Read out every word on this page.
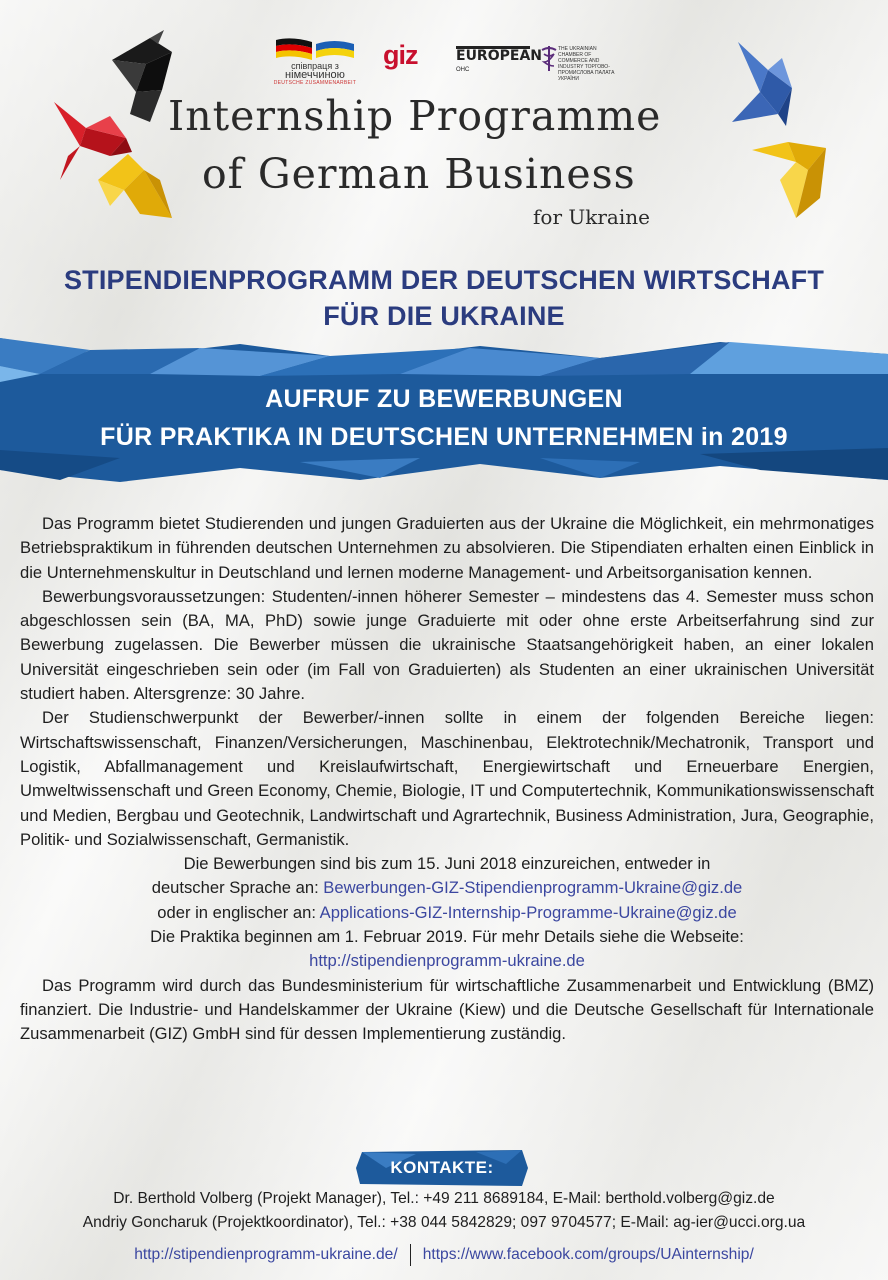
співпраця з
німеччиною
DEUTSCHE ZUSAMMENARBEIT
giz	EUROPEAN
ОНС
THE UKRAINIAN CHAMBER OF COMMERCE AND INDUSTRY ТОРГОВО-ПРОМИСЛОВА ПАЛАТА УКРАЇНИ
Internship Programme
of German Business
for Ukraine
STIPENDIENPROGRAMM DER DEUTSCHEN WIRTSCHAFT
FÜR DIE UKRAINE
AUFRUF ZU BEWERBUNGEN
FÜR PRAKTIKA IN DEUTSCHEN UNTERNEHMEN in 2019

Das Programm bietet Studierenden und jungen Graduierten aus der Ukraine die Möglichkeit, ein mehrmonatiges Betriebspraktikum in führenden deutschen Unternehmen zu absolvieren. Die Stipendiaten erhalten einen Einblick in die Unternehmenskultur in Deutschland und lernen moderne Management- und Arbeitsorganisation kennen.

Bewerbungsvoraussetzungen: Studenten/-innen höherer Semester – mindestens das 4. Semester muss schon abgeschlossen sein (BA, MA, PhD) sowie junge Graduierte mit oder ohne erste Arbeitserfahrung sind zur Bewerbung zugelassen. Die Bewerber müssen die ukrainische Staatsangehörigkeit haben, an einer lokalen Universität eingeschrieben sein oder (im Fall von Graduierten) als Studenten an einer ukrainischen Universität studiert haben. Altersgrenze: 30 Jahre.

Der Studienschwerpunkt der Bewerber/-innen sollte in einem der folgenden Bereiche liegen: Wirtschaftswissenschaft, Finanzen/Versicherungen, Maschinenbau, Elektrotechnik/Mechatronik, Transport und Logistik, Abfallmanagement und Kreislaufwirtschaft, Energiewirtschaft und Erneuerbare Energien, Umweltwissenschaft und Green Economy, Chemie, Biologie, IT und Computertechnik, Kommunikationswissenschaft und Medien, Bergbau und Geotechnik, Landwirtschaft und Agrartechnik, Business Administration, Jura, Geographie, Politik- und Sozialwissenschaft, Germanistik.

Die Bewerbungen sind bis zum 15. Juni 2018 einzureichen, entweder in

deutscher Sprache an: Bewerbungen-GIZ-Stipendienprogramm-Ukraine@giz.de

oder in englischer an: Applications-GIZ-Internship-Programme-Ukraine@giz.de

Die Praktika beginnen am 1. Februar 2019. Für mehr Details siehe die Webseite:

http://stipendienprogramm-ukraine.de

Das Programm wird durch das Bundesministerium für wirtschaftliche Zusammenarbeit und Entwicklung (BMZ) finanziert. Die Industrie- und Handelskammer der Ukraine (Kiew) und die Deutsche Gesellschaft für Internationale Zusammenarbeit (GIZ) GmbH sind für dessen Implementierung zuständig.

KONTAKTE:
Dr. Berthold Volberg (Projekt Manager), Tel.: +49 211 8689184, E-Mail: berthold.volberg@giz.de
Andriy Goncharuk (Projektkoordinator), Tel.: +38 044 5842829; 097 9704577; E-Mail: ag-ier@ucci.org.ua
http://stipendienprogramm-ukraine.de/ https://www.facebook.com/groups/UAinternship/
